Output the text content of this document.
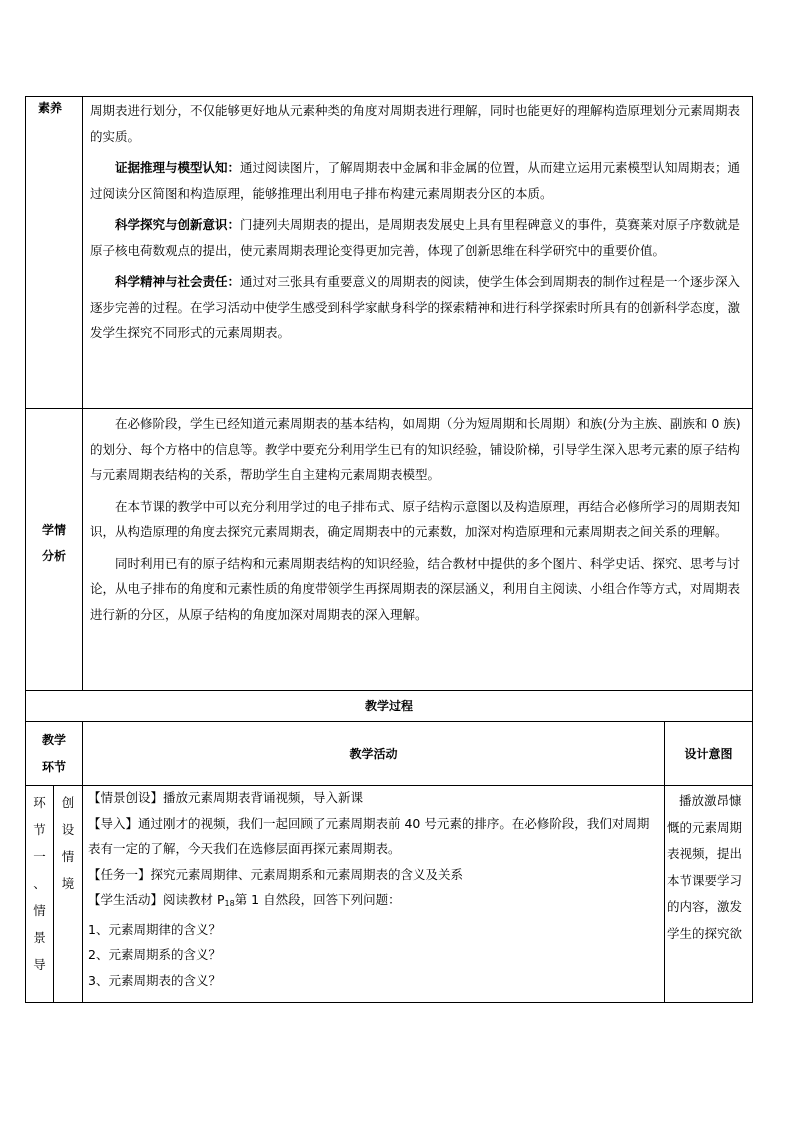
素养 周期表进行划分，不仅能够更好地从元素种类的角度对周期表进行理解，同时也能更好的理解构造原理划分元素周期表的实质。

证据推理与模型认知：通过阅读图片，了解周期表中金属和非金属的位置，从而建立运用元素模型认知周期表；通过阅读分区简图和构造原理，能够推理出利用电子排布构建元素周期表分区的本质。

科学探究与创新意识：门捷列夫周期表的提出，是周期表发展史上具有里程碑意义的事件，莫赛莱对原子序数就是原子核电荷数观点的提出，使元素周期表理论变得更加完善，体现了创新思维在科学研究中的重要价值。

科学精神与社会责任：通过对三张具有重要意义的周期表的阅读，使学生体会到周期表的制作过程是一个逐步深入逐步完善的过程。在学习活动中使学生感受到科学家献身科学的探索精神和进行科学探索时所具有的创新科学态度，激发学生探究不同形式的元素周期表。

学情
分析

在必修阶段，学生已经知道元素周期表的基本结构，如周期（分为短周期和长周期）和族(分为主族、副族和 0 族)的划分、每个方格中的信息等。教学中要充分利用学生已有的知识经验，铺设阶梯，引导学生深入思考元素的原子结构与元素周期表结构的关系，帮助学生自主建构元素周期表模型。

在本节课的教学中可以充分利用学过的电子排布式、原子结构示意图以及构造原理，再结合必修所学习的周期表知识，从构造原理的角度去探究元素周期表，确定周期表中的元素数，加深对构造原理和元素周期表之间关系的理解。

同时利用已有的原子结构和元素周期表结构的知识经验，结合教材中提供的多个图片、科学史话、探究、思考与讨论，从电子排布的角度和元素性质的角度带领学生再探周期表的深层涵义，利用自主阅读、小组合作等方式，对周期表进行新的分区，从原子结构的角度加深对周期表的深入理解。

教学过程
教学
环节
教学活动	设计意图
环
节
一
、
情
景
导
创
设
情
境

【情景创设】播放元素周期表背诵视频，导入新课

【导入】通过刚才的视频，我们一起回顾了元素周期表前 40 号元素的排序。在必修阶段，我们对周期表有一定的了解，今天我们在选修层面再探元素周期表。

【任务一】探究元素周期律、元素周期系和元素周期表的含义及关系

【学生活动】阅读教材 $P_{18}$第 1 自然段，回答下列问题：

1、元素周期律的含义？

2、元素周期系的含义？

3、元素周期表的含义？

播放激昂慷慨的元素周期表视频，提出本节课要学习的内容，激发学生的探究欲
